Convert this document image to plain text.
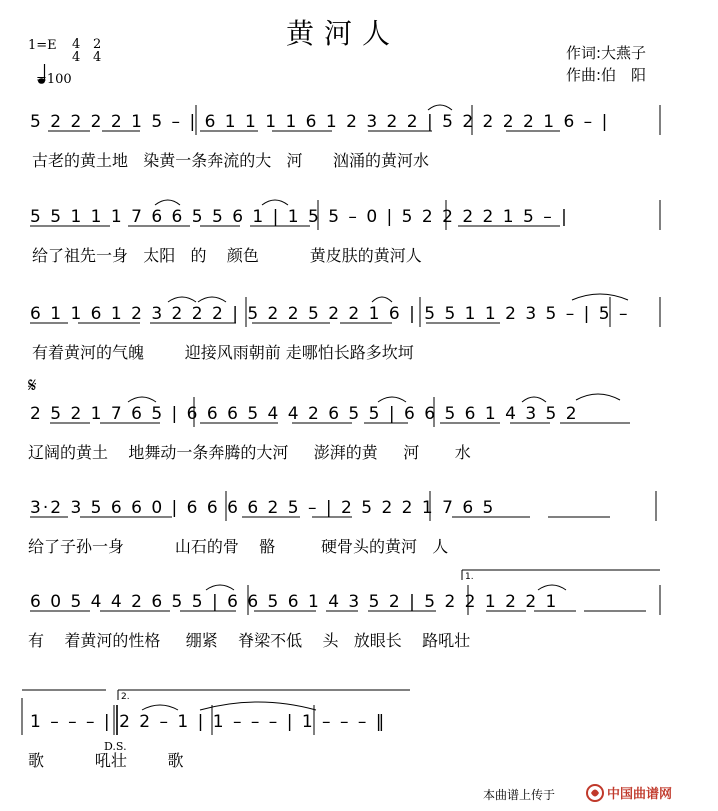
黄河人
1=E 4
4
2
4
=100
作词:大燕子
作曲:伯　阳
5 2 2 2 2 1 5 – | 6 1 1 1 1 6 1 2 3 2 2 | 5 2 2 2 2 1 6 – |
古老的黄土地   染黄一条奔流的大   河      汹涌的黄河水
5 5 1 1 1 7 6 6 5 5 6 1 | 1 5 5 – 0 | 5 2 2 2 2 1 5 – |
给了祖先一身   太阳   的    颜色          黄皮肤的黄河人
6 1 1 6 1 2 3 2 2 2 | 5 2 2 5 2 2 1 6 | 5 5 1 1 2 3 5 – | 5 –
有着黄河的气魄        迎接风雨朝前 走哪怕长路多坎坷
𝄋
2 5 2 1 7 6 5 | 6 6 6 5 4 4 2 6 5 5 | 6 6 5 6 1 4 3 5 2
辽阔的黄土    地舞动一条奔腾的大河     澎湃的黄     河       水
3·2 3 5 6 6 0 | 6 6 6 6 2 5 – | 2 5 2 2 1 7 6 5
给了子孙一身          山石的骨    骼         硬骨头的黄河   人
1.
6 0 5 4 4 2 6 5 5 | 6 6 5 6 1 4 3 5 2 | 5 2 2 1 2 2 1
有    着黄河的性格     绷紧    脊梁不低    头   放眼长    路吼壮
2.
1 – – – | 2 2 – 1 | 1 – – – | 1 – – – ‖
歌          吼壮        歌
D.S.
本曲谱上传于	中国曲谱网
